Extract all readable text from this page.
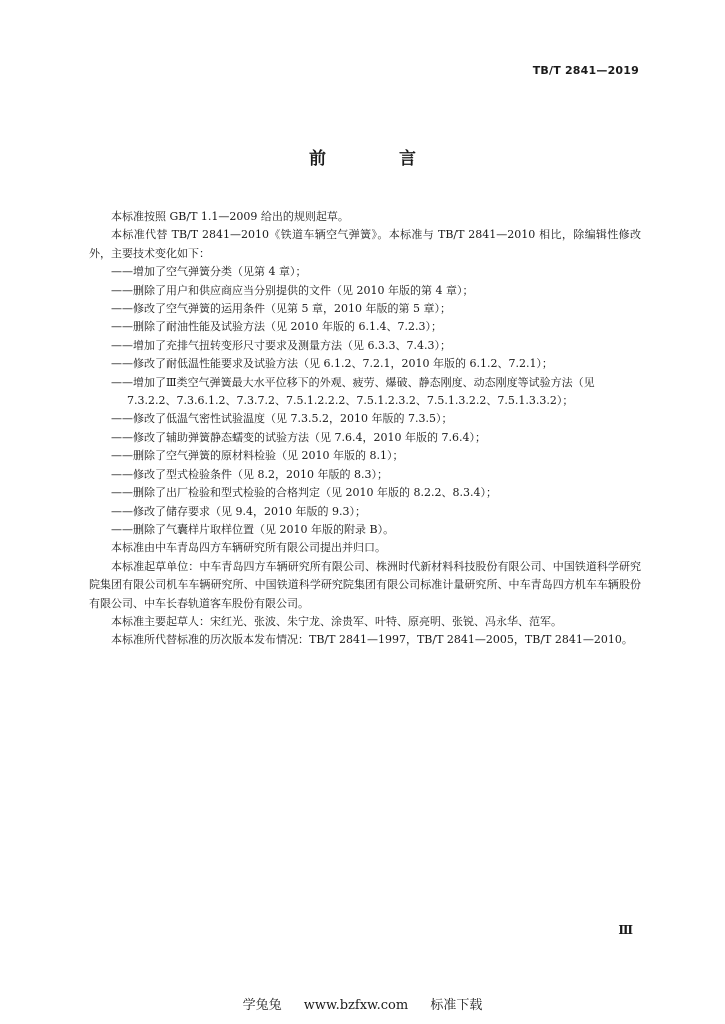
TB/T 2841—2019
前　言

本标准按照 GB/T 1.1—2009 给出的规则起草。

本标准代替 TB/T 2841—2010《铁道车辆空气弹簧》。本标准与 TB/T 2841—2010 相比，除编辑性修改外，主要技术变化如下：

——增加了空气弹簧分类（见第 4 章）；

——删除了用户和供应商应当分别提供的文件（见 2010 年版的第 4 章）；

——修改了空气弹簧的运用条件（见第 5 章，2010 年版的第 5 章）；

——删除了耐油性能及试验方法（见 2010 年版的 6.1.4、7.2.3）；

——增加了充排气扭转变形尺寸要求及测量方法（见 6.3.3、7.4.3）；

——修改了耐低温性能要求及试验方法（见 6.1.2、7.2.1，2010 年版的 6.1.2、7.2.1）；

——增加了Ⅲ类空气弹簧最大水平位移下的外观、疲劳、爆破、静态刚度、动态刚度等试验方法（见 7.3.2.2、7.3.6.1.2、7.3.7.2、7.5.1.2.2.2、7.5.1.2.3.2、7.5.1.3.2.2、7.5.1.3.3.2）；

——修改了低温气密性试验温度（见 7.3.5.2，2010 年版的 7.3.5）；

——修改了辅助弹簧静态蠕变的试验方法（见 7.6.4，2010 年版的 7.6.4）；

——删除了空气弹簧的原材料检验（见 2010 年版的 8.1）；

——修改了型式检验条件（见 8.2，2010 年版的 8.3）；

——删除了出厂检验和型式检验的合格判定（见 2010 年版的 8.2.2、8.3.4）；

——修改了储存要求（见 9.4，2010 年版的 9.3）；

——删除了气囊样片取样位置（见 2010 年版的附录 B）。

本标准由中车青岛四方车辆研究所有限公司提出并归口。

本标准起草单位：中车青岛四方车辆研究所有限公司、株洲时代新材料科技股份有限公司、中国铁道科学研究院集团有限公司机车车辆研究所、中国铁道科学研究院集团有限公司标准计量研究所、中车青岛四方机车车辆股份有限公司、中车长春轨道客车股份有限公司。

本标准主要起草人：宋红光、张波、朱宁龙、涂贵军、叶特、原亮明、张锐、冯永华、范军。

本标准所代替标准的历次版本发布情况：TB/T 2841—1997，TB/T 2841—2005，TB/T 2841—2010。

Ⅲ
学兔兔 www.bzfxw.com 标准下载
